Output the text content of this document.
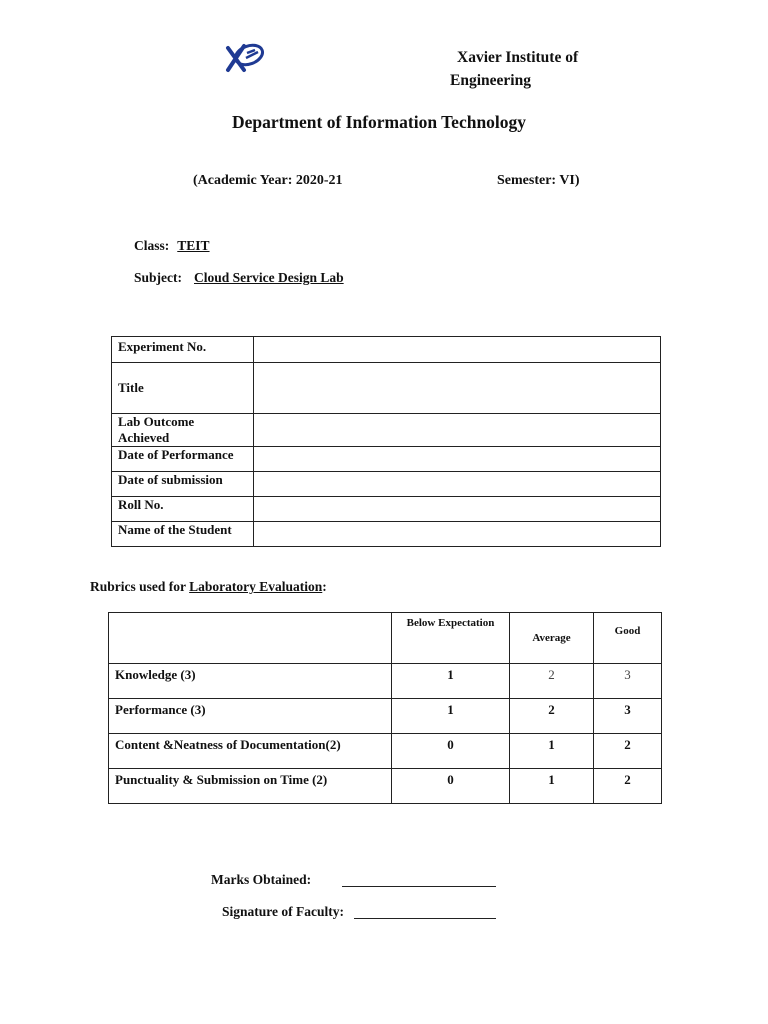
Xavier Institute of
Engineering
Department of Information Technology
(Academic Year: 2020-21	Semester: VI)
Class: TEIT
Subject: Cloud Service Design Lab
Experiment No.	
Title	
Lab Outcome Achieved	
Date of Performance	
Date of submission	
Roll No.	
Name of the Student	
Rubrics used for Laboratory Evaluation:
	Below Expectation	Average	Good
Knowledge (3)	1	2	3
Performance (3)	1	2	3
Content &Neatness of Documentation(2)	0	1	2
Punctuality & Submission on Time (2)	0	1	2
Marks Obtained:
Signature of Faculty:
